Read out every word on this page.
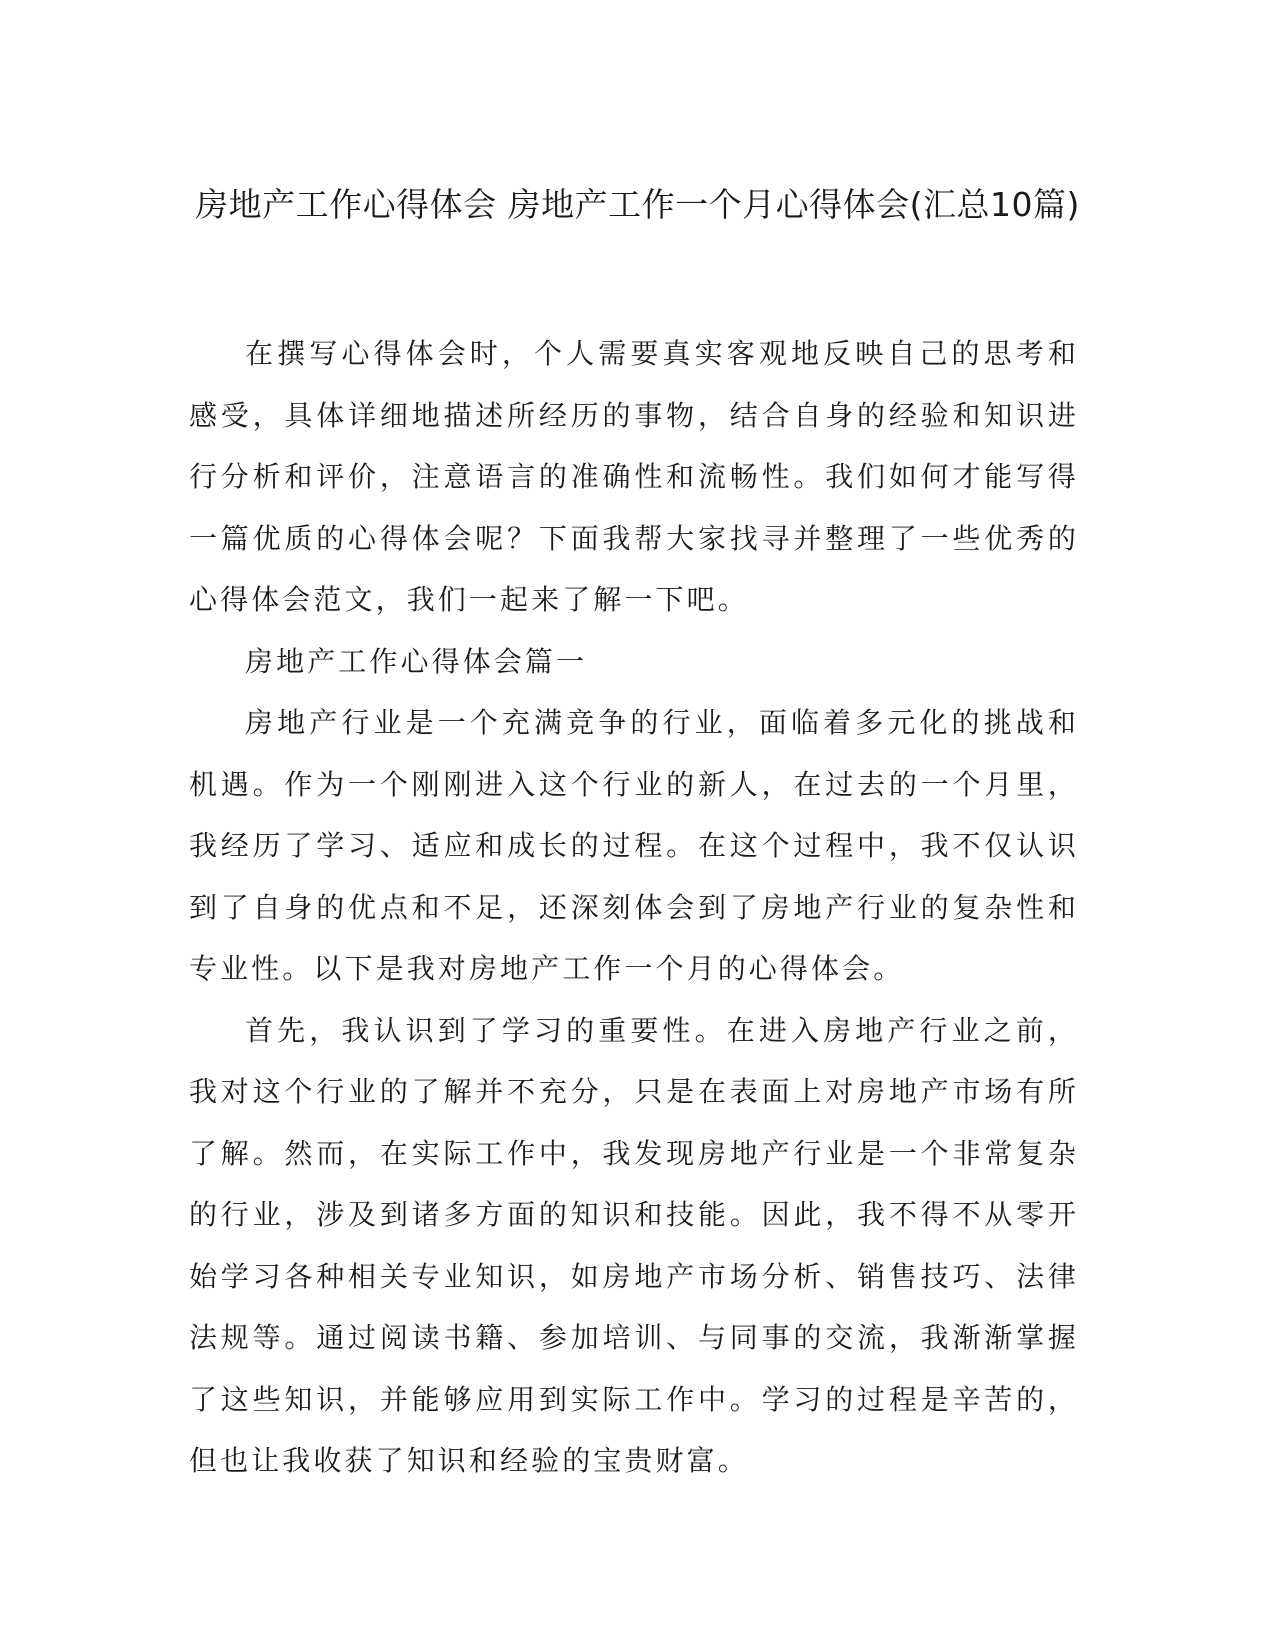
房地产工作心得体会 房地产工作一个月心得体会(汇总10篇)

在撰写心得体会时，个人需要真实客观地反映自己的思考和感受，具体详细地描述所经历的事物，结合自身的经验和知识进行分析和评价，注意语言的准确性和流畅性。我们如何才能写得一篇优质的心得体会呢？下面我帮大家找寻并整理了一些优秀的心得体会范文，我们一起来了解一下吧。

房地产工作心得体会篇一

房地产行业是一个充满竞争的行业，面临着多元化的挑战和机遇。作为一个刚刚进入这个行业的新人，在过去的一个月里，我经历了学习、适应和成长的过程。在这个过程中，我不仅认识到了自身的优点和不足，还深刻体会到了房地产行业的复杂性和专业性。以下是我对房地产工作一个月的心得体会。

首先，我认识到了学习的重要性。在进入房地产行业之前，我对这个行业的了解并不充分，只是在表面上对房地产市场有所了解。然而，在实际工作中，我发现房地产行业是一个非常复杂的行业，涉及到诸多方面的知识和技能。因此，我不得不从零开始学习各种相关专业知识，如房地产市场分析、销售技巧、法律法规等。通过阅读书籍、参加培训、与同事的交流，我渐渐掌握了这些知识，并能够应用到实际工作中。学习的过程是辛苦的，但也让我收获了知识和经验的宝贵财富。
